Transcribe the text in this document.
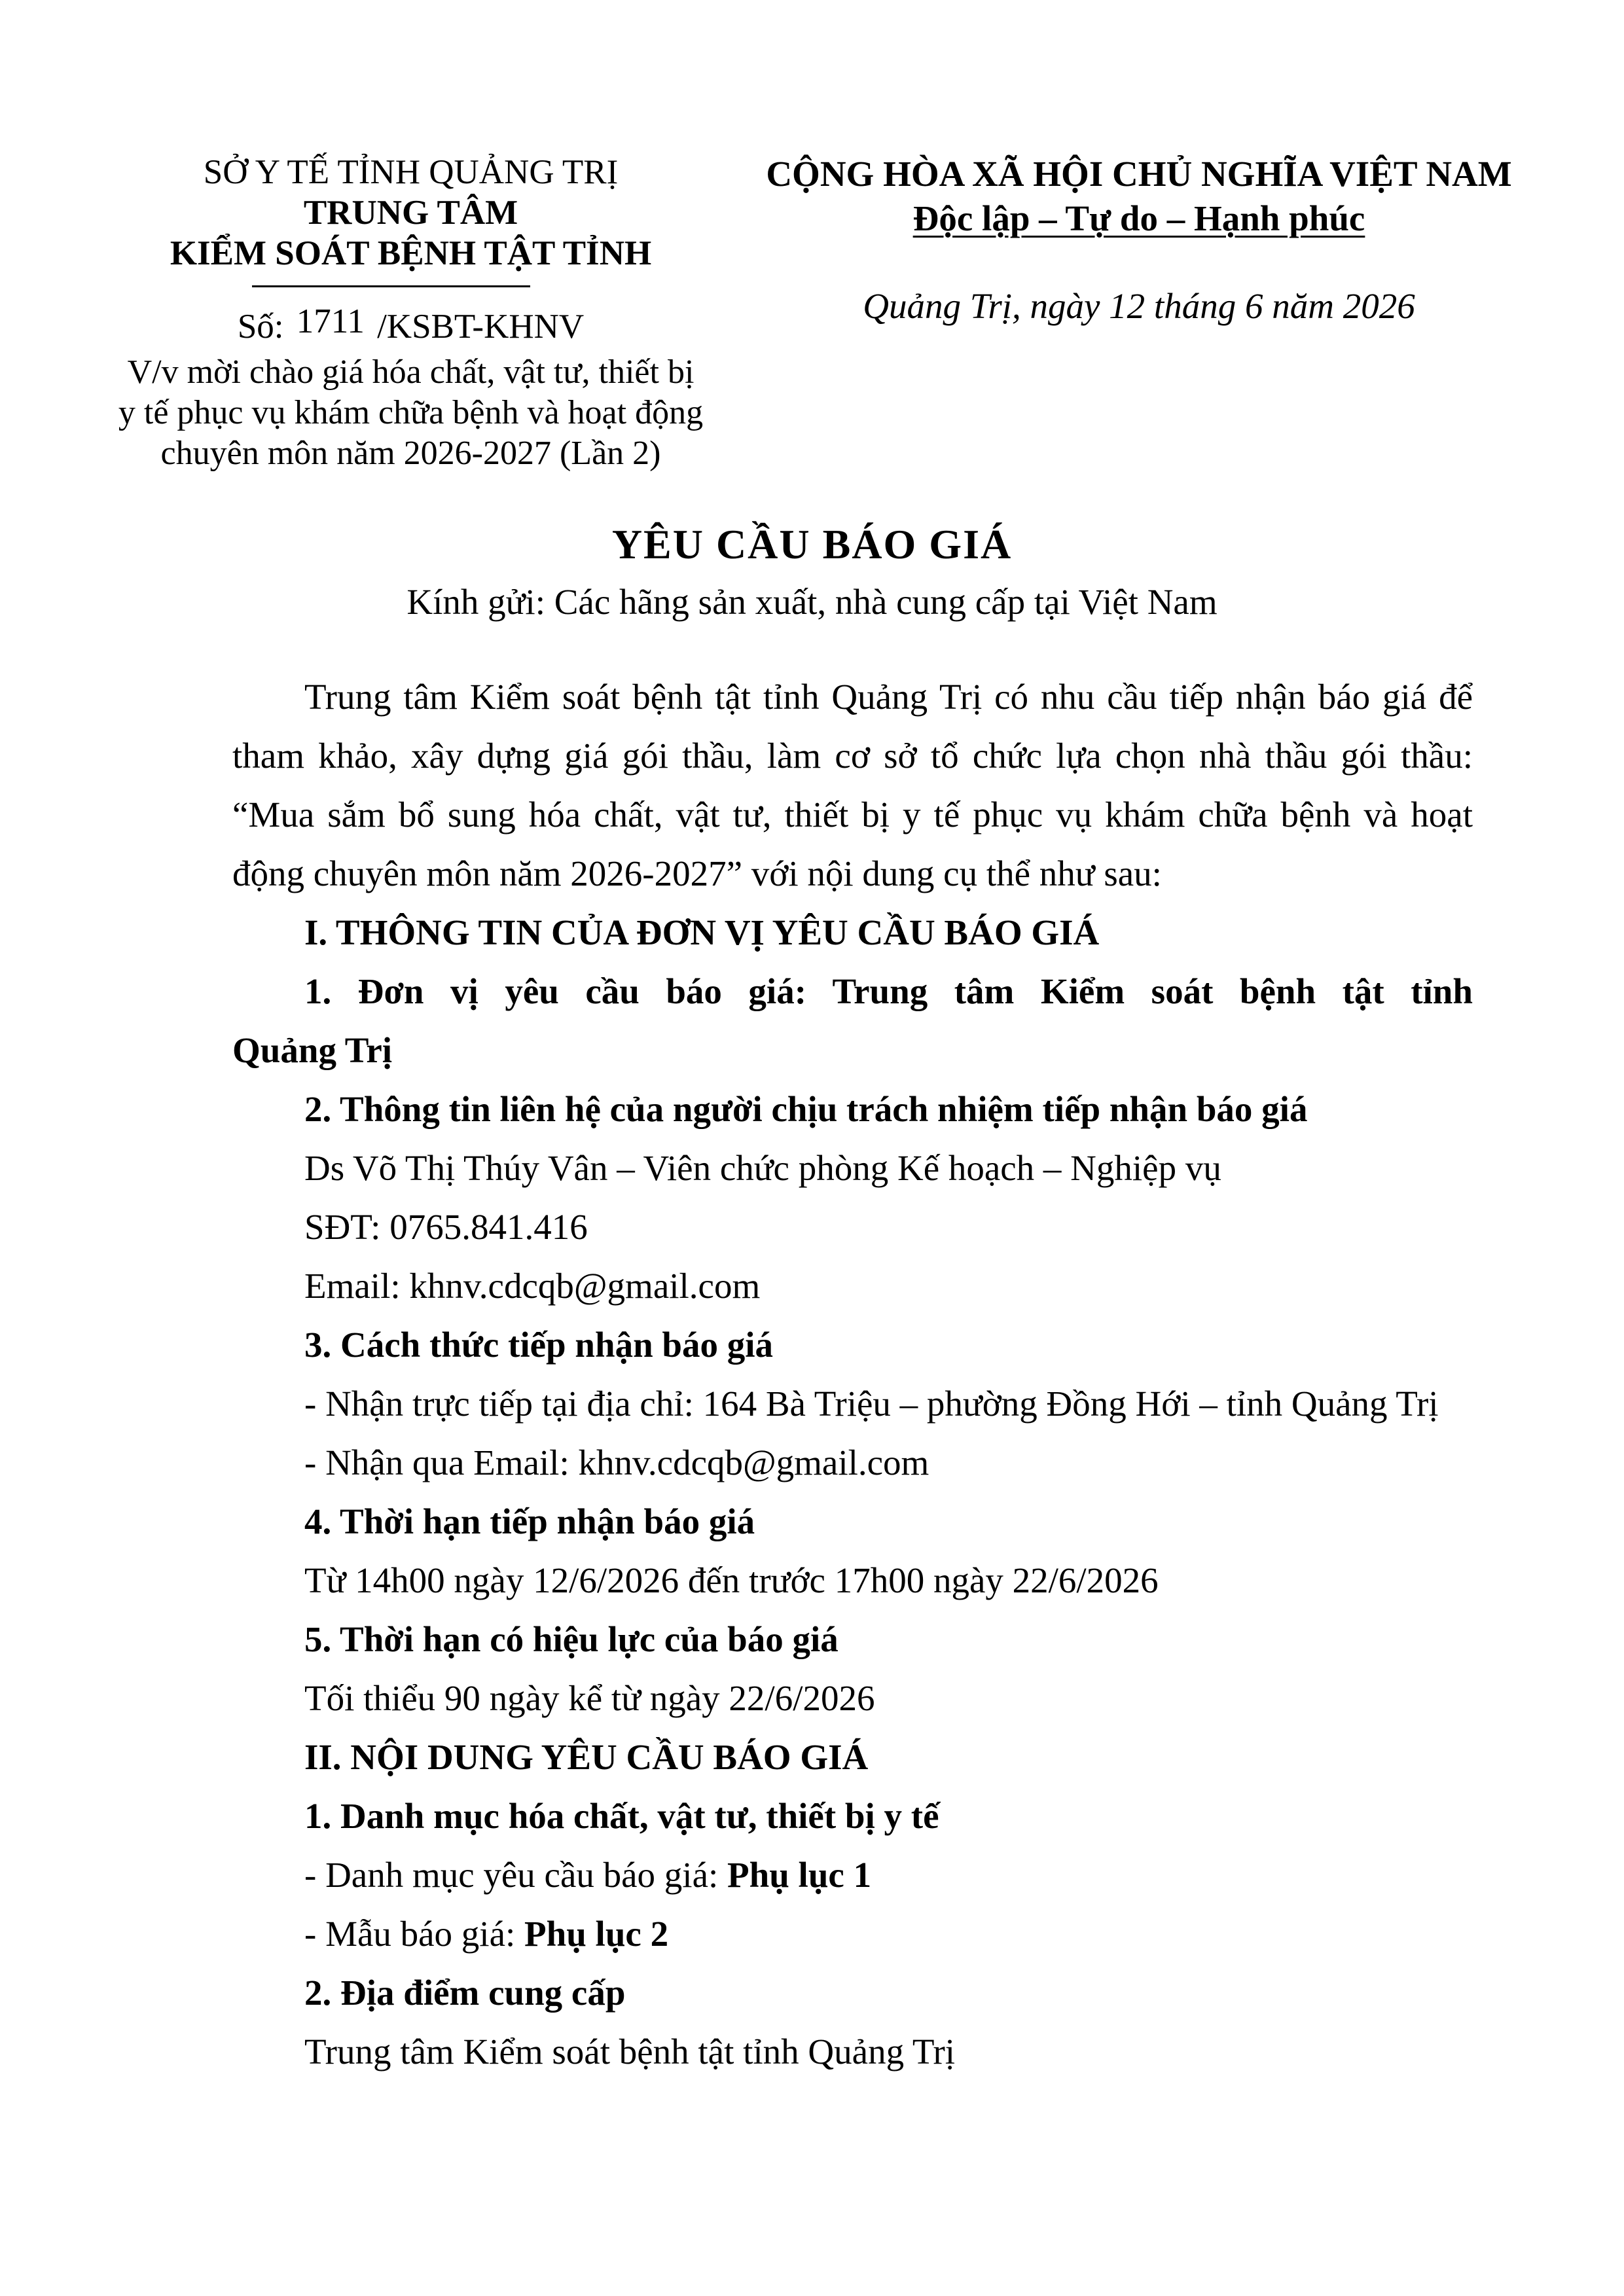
SỞ Y TẾ TỈNH QUẢNG TRỊ
TRUNG TÂM
KIỂM SOÁT BỆNH TẬT TỈNH
Số: 1711 /KSBT-KHNV
V/v mời chào giá hóa chất, vật tư, thiết bị
y tế phục vụ khám chữa bệnh và hoạt động
chuyên môn năm 2026-2027 (Lần 2)
CỘNG HÒA XÃ HỘI CHỦ NGHĨA VIỆT NAM
Độc lập – Tự do – Hạnh phúc
Quảng Trị, ngày 12 tháng 6 năm 2026
YÊU CẦU BÁO GIÁ
Kính gửi: Các hãng sản xuất, nhà cung cấp tại Việt Nam

Trung tâm Kiểm soát bệnh tật tỉnh Quảng Trị có nhu cầu tiếp nhận báo giá để tham khảo, xây dựng giá gói thầu, làm cơ sở tổ chức lựa chọn nhà thầu gói thầu: “Mua sắm bổ sung hóa chất, vật tư, thiết bị y tế phục vụ khám chữa bệnh và hoạt động chuyên môn năm 2026-2027” với nội dung cụ thể như sau:

I. THÔNG TIN CỦA ĐƠN VỊ YÊU CẦU BÁO GIÁ

1. Đơn vị yêu cầu báo giá: Trung tâm Kiểm soát bệnh tật tỉnh

Quảng Trị

2. Thông tin liên hệ của người chịu trách nhiệm tiếp nhận báo giá

Ds Võ Thị Thúy Vân – Viên chức phòng Kế hoạch – Nghiệp vụ

SĐT: 0765.841.416

Email: khnv.cdcqb@gmail.com

3. Cách thức tiếp nhận báo giá

- Nhận trực tiếp tại địa chỉ: 164 Bà Triệu – phường Đồng Hới – tỉnh Quảng Trị

- Nhận qua Email: khnv.cdcqb@gmail.com

4. Thời hạn tiếp nhận báo giá

Từ 14h00 ngày 12/6/2026 đến trước 17h00 ngày 22/6/2026

5. Thời hạn có hiệu lực của báo giá

Tối thiểu 90 ngày kể từ ngày 22/6/2026

II. NỘI DUNG YÊU CẦU BÁO GIÁ

1. Danh mục hóa chất, vật tư, thiết bị y tế

- Danh mục yêu cầu báo giá: Phụ lục 1

- Mẫu báo giá: Phụ lục 2

2. Địa điểm cung cấp

Trung tâm Kiểm soát bệnh tật tỉnh Quảng Trị
